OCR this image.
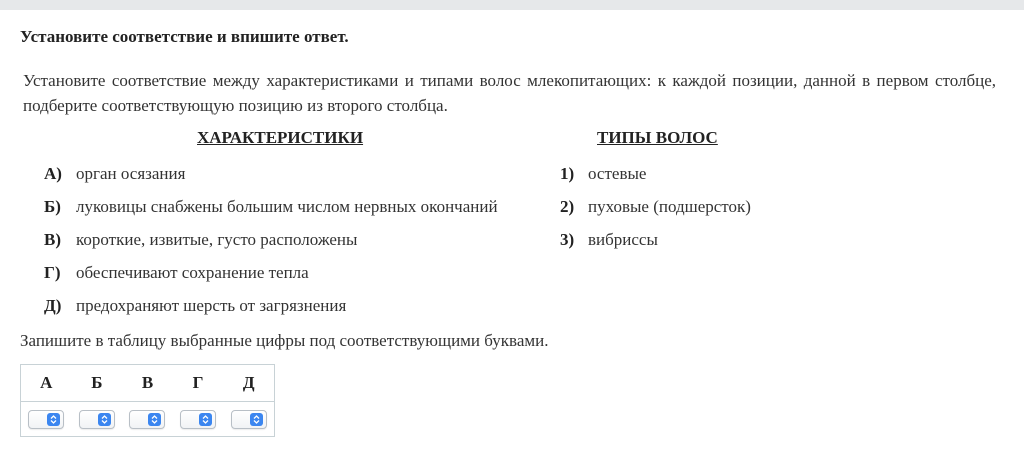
Установите соответствие и впишите ответ.
Установите соответствие между характеристиками и типами волос млекопитающих: к каждой позиции, данной в первом столбце, подберите соответствующую позицию из второго столбца.
ХАРАКТЕРИСТИКИ	ТИПЫ ВОЛОС
А) орган осязания
Б) луковицы снабжены большим числом нервных окончаний
В) короткие, извитые, густо расположены
Г) обеспечивают сохранение тепла
Д) предохраняют шерсть от загрязнения
1) остевые
2) пуховые (подшерсток)
3) вибриссы
Запишите в таблицу выбранные цифры под соответствующими буквами.
А	Б	В	Г	Д
